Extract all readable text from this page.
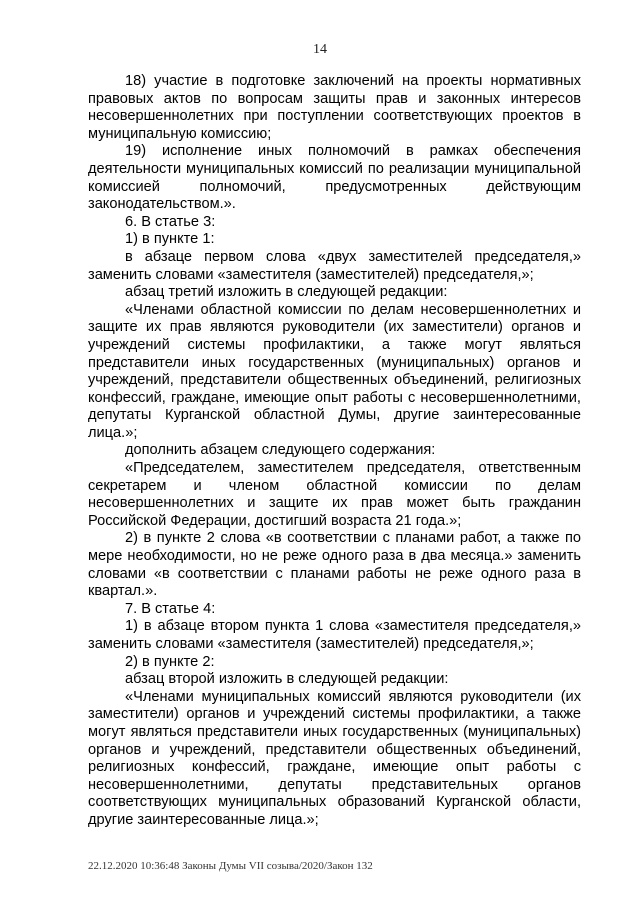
14

18) участие в подготовке заключений на проекты нормативных правовых актов по вопросам защиты прав и законных интересов несовершеннолетних при поступлении соответствующих проектов в муниципальную комиссию;

19) исполнение иных полномочий в рамках обеспечения деятельности муниципальных комиссий по реализации муниципальной комиссией полномочий, предусмотренных действующим законодательством.».

6. В статье 3:

1) в пункте 1:

в абзаце первом слова «двух заместителей председателя,» заменить словами «заместителя (заместителей) председателя,»;

абзац третий изложить в следующей редакции:

«Членами областной комиссии по делам несовершеннолетних и защите их прав являются руководители (их заместители) органов и учреждений системы профилактики, а также могут являться представители иных государственных (муниципальных) органов и учреждений, представители общественных объединений, религиозных конфессий, граждане, имеющие опыт работы с несовершеннолетними, депутаты Курганской областной Думы, другие заинтересованные лица.»;

дополнить абзацем следующего содержания:

«Председателем, заместителем председателя, ответственным секретарем и членом областной комиссии по делам несовершеннолетних и защите их прав может быть гражданин Российской Федерации, достигший возраста 21 года.»;

2) в пункте 2 слова «в соответствии с планами работ, а также по мере необходимости, но не реже одного раза в два месяца.» заменить словами «в соответствии с планами работы не реже одного раза в квартал.».

7. В статье 4:

1) в абзаце втором пункта 1 слова «заместителя председателя,» заменить словами «заместителя (заместителей) председателя,»;

2) в пункте 2:

абзац второй изложить в следующей редакции:

«Членами муниципальных комиссий являются руководители (их заместители) органов и учреждений системы профилактики, а также могут являться представители иных государственных (муниципальных) органов и учреждений, представители общественных объединений, религиозных конфессий, граждане, имеющие опыт работы с несовершеннолетними, депутаты представительных органов соответствующих муниципальных образований Курганской области, другие заинтересованные лица.»;

22.12.2020 10:36:48 Законы Думы VII созыва/2020/Закон 132
